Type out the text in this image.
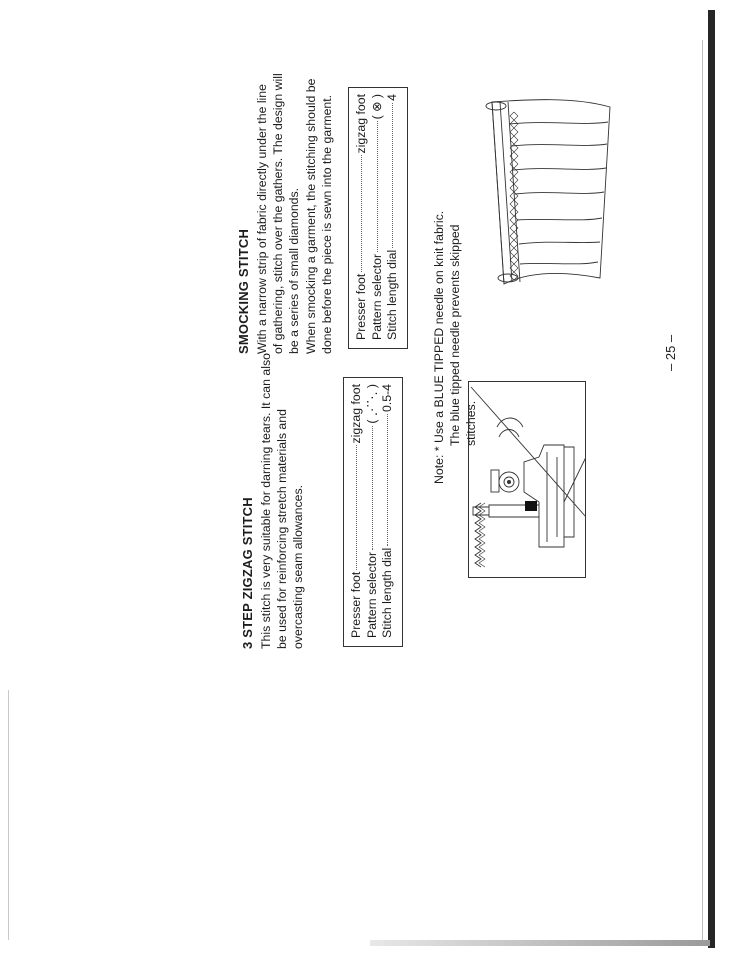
3 STEP ZIGZAG STITCH This stitch is very suitable for darning tears. It can also
be used for reinforcing stretch materials and
overcasting seam allowances.

Presser foot
zigzag foot
Pattern selector
( ⋰⋱ )
Stitch length dial
0.5-4
SMOCKING STITCH With a narrow strip of fabric directly under the line
of gathering, stitch over the gathers. The design will
be a series of small diamonds.
When smocking a garment, the stitching should be
done before the piece is sewn into the garment.

Presser foot
zigzag foot
Pattern selector
( ⊗ )
Stitch length dial
4
Note: * Use a BLUE TIPPED needle on knit fabric. The blue tipped needle prevents skipped stitches.
– 25 –
